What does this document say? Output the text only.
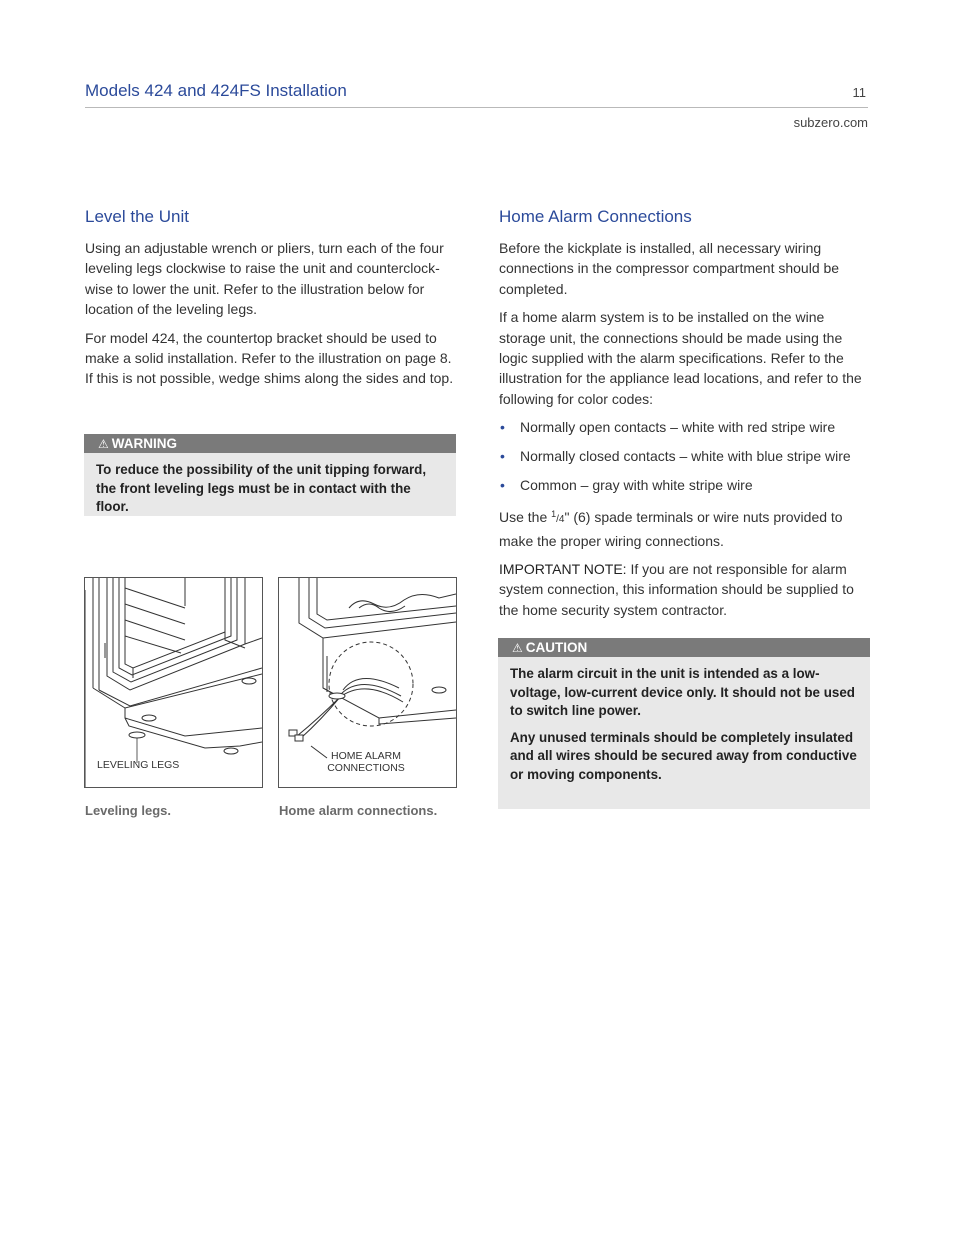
Models 424 and 424FS Installation	11
subzero.com
Level the Unit

Using an adjustable wrench or pliers, turn each of the four leveling legs clockwise to raise the unit and counterclock-wise to lower the unit. Refer to the illustration below for location of the leveling legs.

For model 424, the countertop bracket should be used to make a solid installation. Refer to the illustration on page 8. If this is not possible, wedge shims along the sides and top.

⚠ WARNING

To reduce the possibility of the unit tipping forward, the front leveling legs must be in contact with the floor.

LEVELING LEGS
Leveling legs.
HOME ALARM
CONNECTIONS
Home alarm connections.
Home Alarm Connections

Before the kickplate is installed, all necessary wiring connections in the compressor compartment should be completed.

If a home alarm system is to be installed on the wine storage unit, the connections should be made using the logic supplied with the alarm specifications. Refer to the illustration for the appliance lead locations, and refer to the following for color codes:

• Normally open contacts – white with red stripe wire
• Normally closed contacts – white with blue stripe wire
• Common – gray with white stripe wire

Use the $^1$/4" (6) spade terminals or wire nuts provided to make the proper wiring connections.

IMPORTANT NOTE: If you are not responsible for alarm system connection, this information should be supplied to the home security system contractor.

⚠ CAUTION

The alarm circuit in the unit is intended as a low-voltage, low-current device only. It should not be used to switch line power.

Any unused terminals should be completely insulated and all wires should be secured away from conductive or moving components.
